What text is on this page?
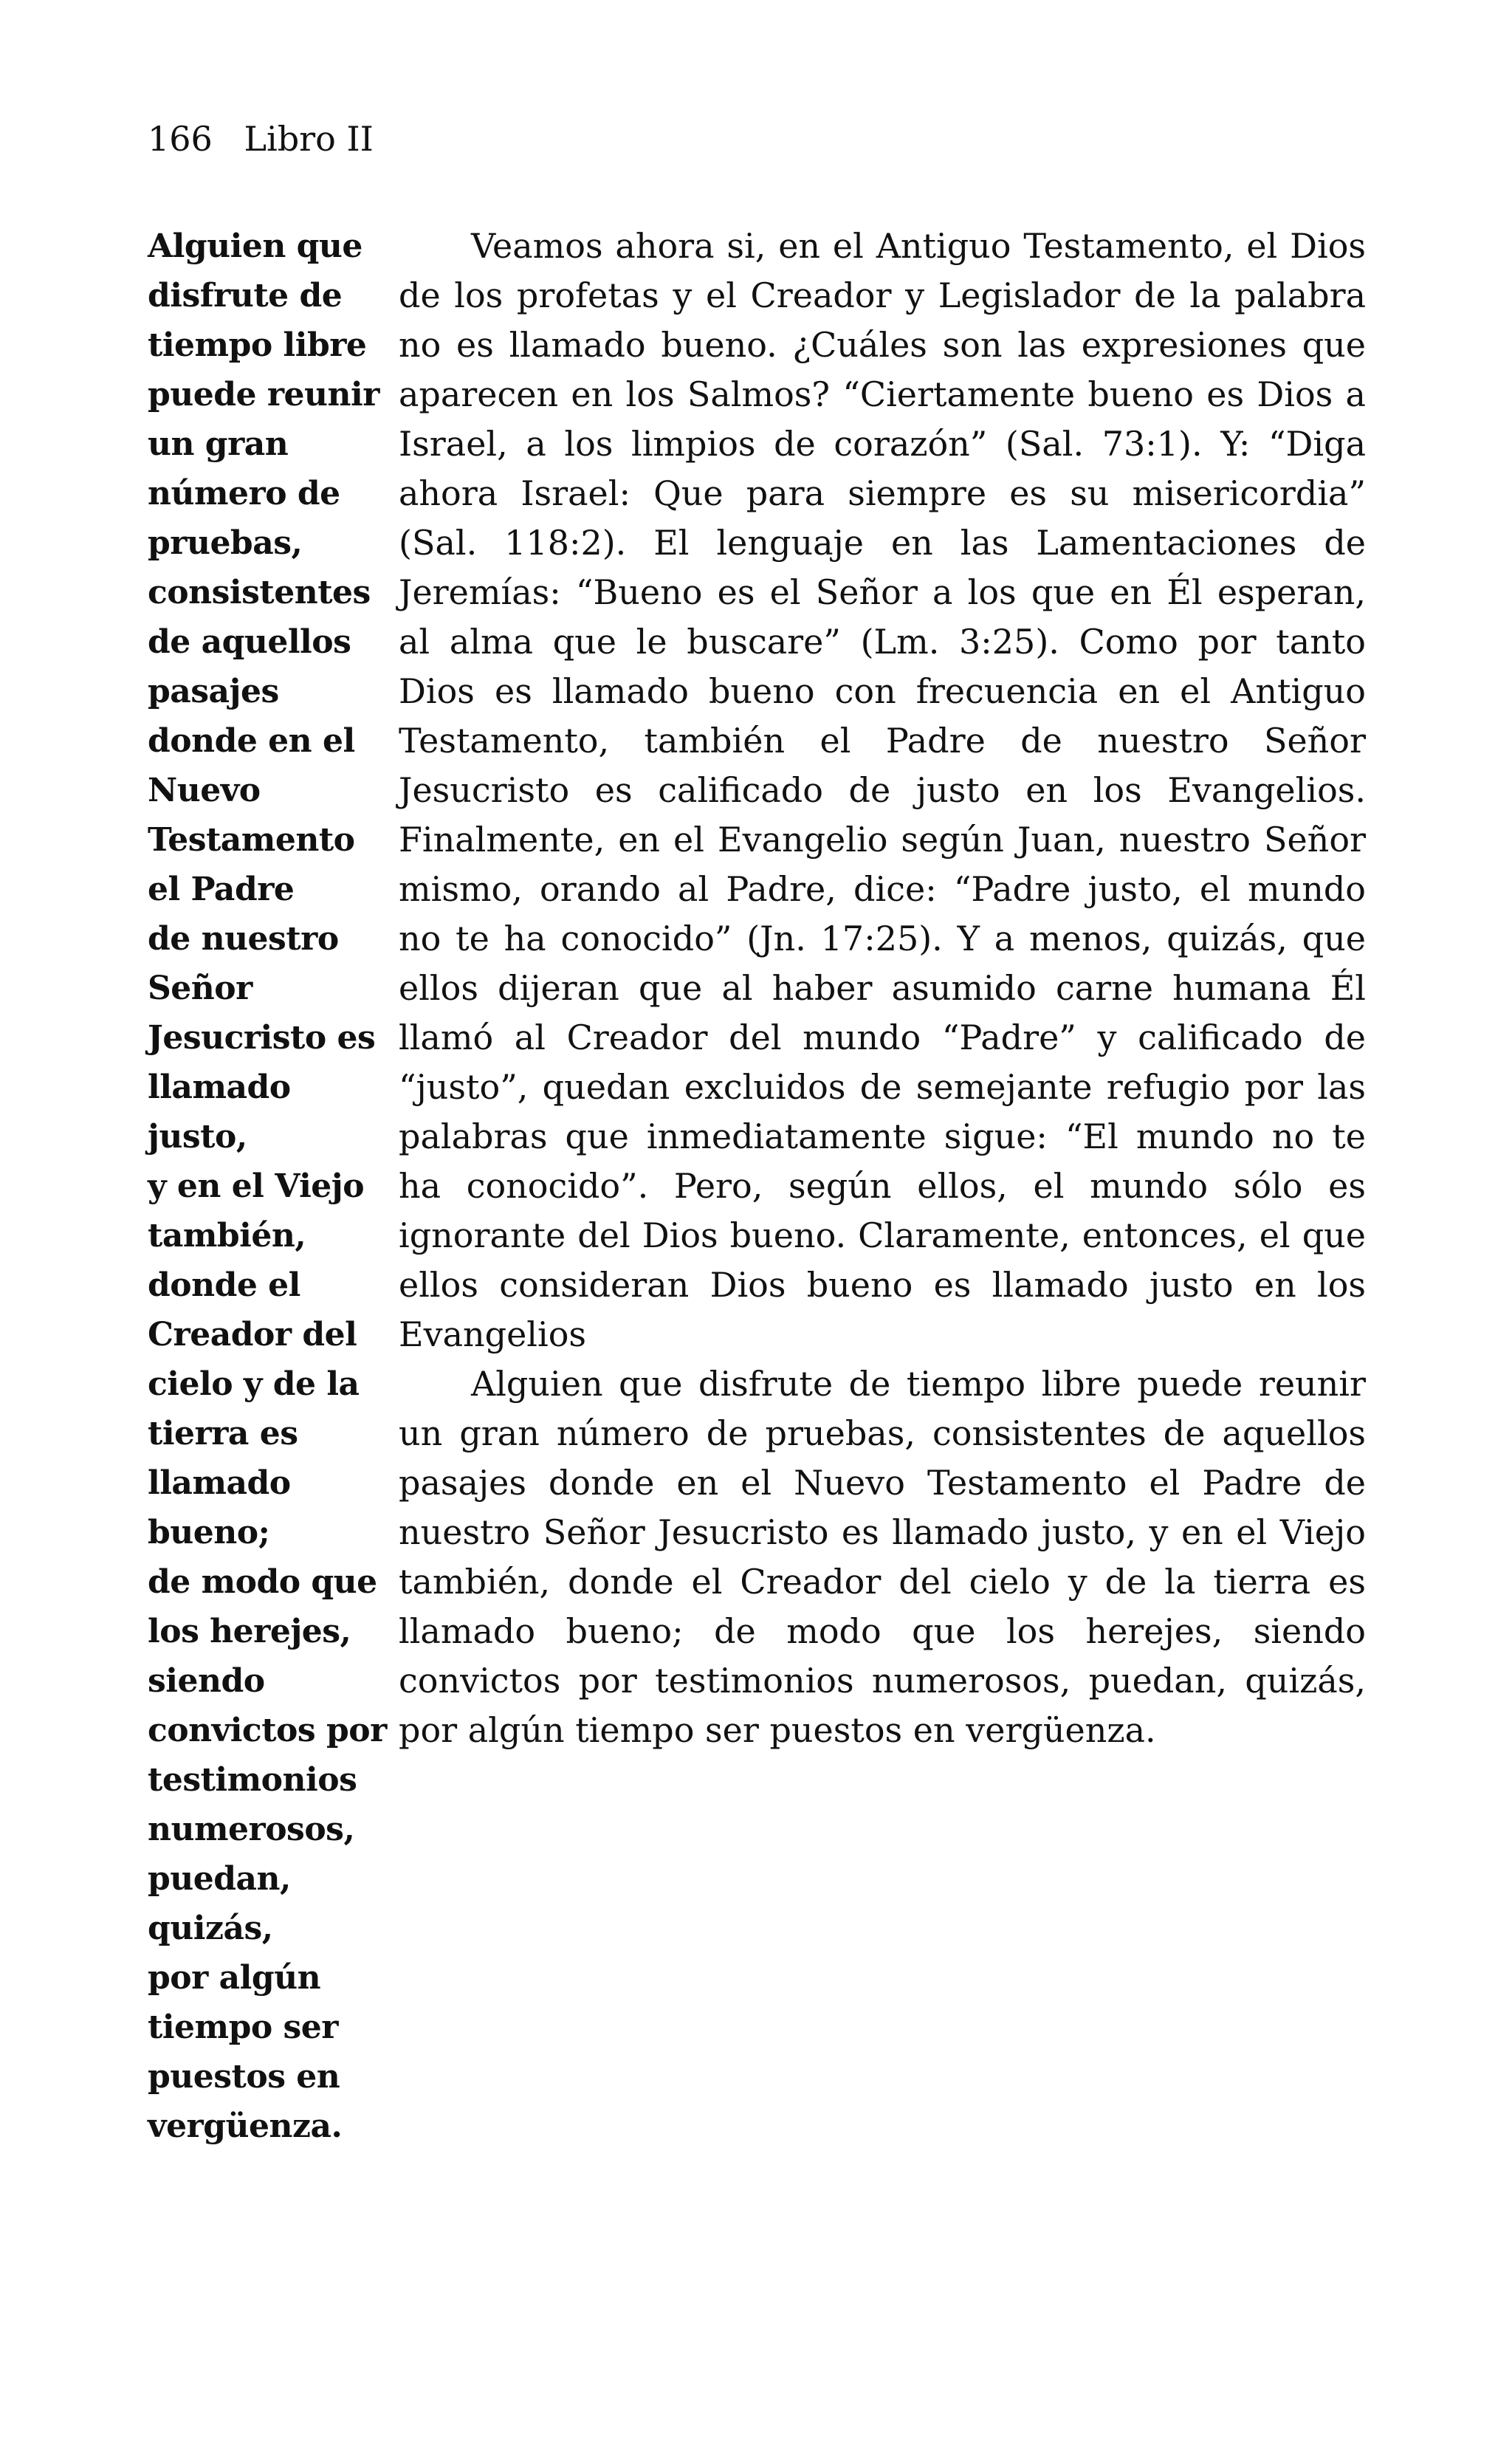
166 Libro II
Alguien que
disfrute de
tiempo libre
puede reunir
un gran
número de
pruebas,
consistentes
de aquellos
pasajes
donde en el
Nuevo
Testamento
el Padre
de nuestro
Señor
Jesucristo es
llamado
justo,
y en el Viejo
también,
donde el
Creador del
cielo y de la
tierra es
llamado
bueno;
de modo que
los herejes,
siendo
convictos por
testimonios
numerosos,
puedan,
quizás,
por algún
tiempo ser
puestos en
vergüenza.

Veamos ahora si, en el Antiguo Testamento, el Dios de los profetas y el Creador y Legislador de la palabra no es llamado bueno. ¿Cuáles son las expresiones que aparecen en los Salmos? “Ciertamente bueno es Dios a Israel, a los limpios de corazón” (Sal. 73:1). Y: “Diga ahora Israel: Que para siempre es su misericordia” (Sal. 118:2). El lenguaje en las Lamentaciones de Jeremías: “Bueno es el Señor a los que en Él esperan, al alma que le buscare” (Lm. 3:25). Como por tanto Dios es llamado bueno con frecuencia en el Antiguo Testamento, también el Padre de nuestro Señor Jesucristo es calificado de justo en los Evangelios. Finalmente, en el Evangelio según Juan, nuestro Señor mismo, orando al Padre, dice: “Padre justo, el mundo no te ha conocido” (Jn. 17:25). Y a menos, quizás, que ellos dijeran que al haber asumido carne humana Él llamó al Creador del mundo “Padre” y calificado de “justo”, quedan excluidos de semejante refugio por las palabras que inmediatamente sigue: “El mundo no te ha conocido”. Pero, según ellos, el mundo sólo es ignorante del Dios bueno. Claramente, entonces, el que ellos consideran Dios bueno es llamado justo en los Evangelios

Alguien que disfrute de tiempo libre puede reunir un gran número de pruebas, consistentes de aquellos pasajes donde en el Nuevo Testamento el Padre de nuestro Señor Jesucristo es llamado justo, y en el Viejo también, donde el Creador del cielo y de la tierra es llamado bueno; de modo que los herejes, siendo convictos por testimonios numerosos, puedan, quizás, por algún tiempo ser puestos en vergüenza.
